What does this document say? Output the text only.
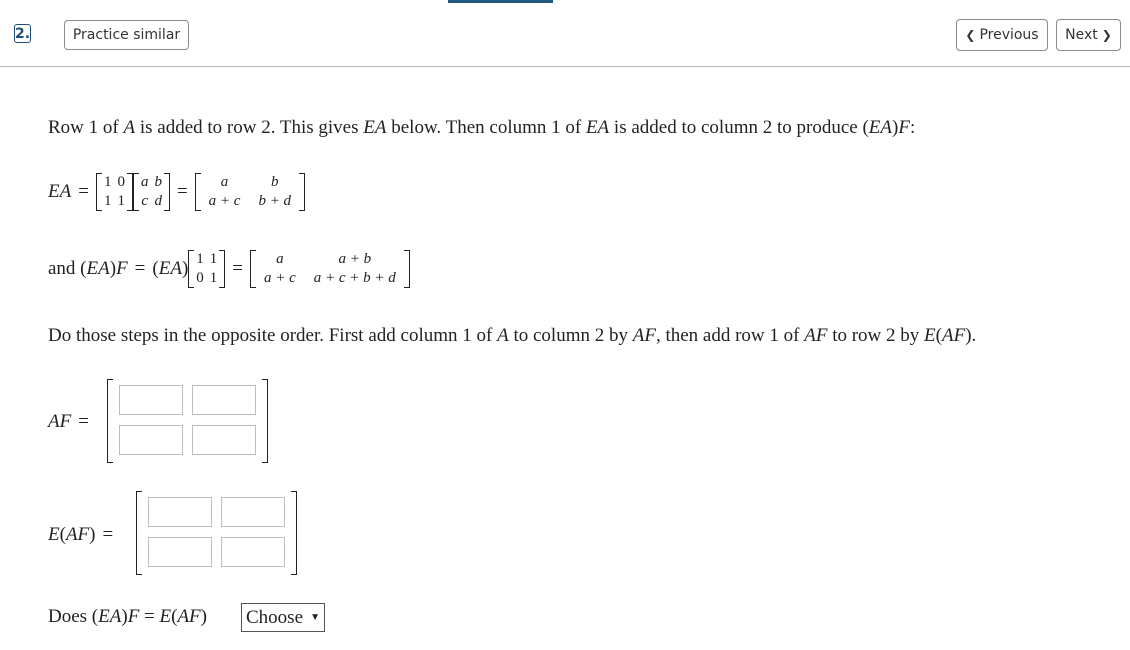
2.	Practice similar	❮ Previous Next ❯
Row 1 of A is added to row 2. This gives EA below. Then column 1 of EA is added to column 2 to produce (EA)F:
EA = 1	0
1	1
a	b
c	d = a	b
a + c	b + d
and ( EA ) F = ( EA ) 1	1
0	1 = a	a + b
a + c	a + c + b + d
Do those steps in the opposite order. First add column 1 of A to column 2 by AF, then add row 1 of AF to row 2 by E(AF).
AF =
E(AF) =
Does (EA)F = E(AF) Choose ▼
